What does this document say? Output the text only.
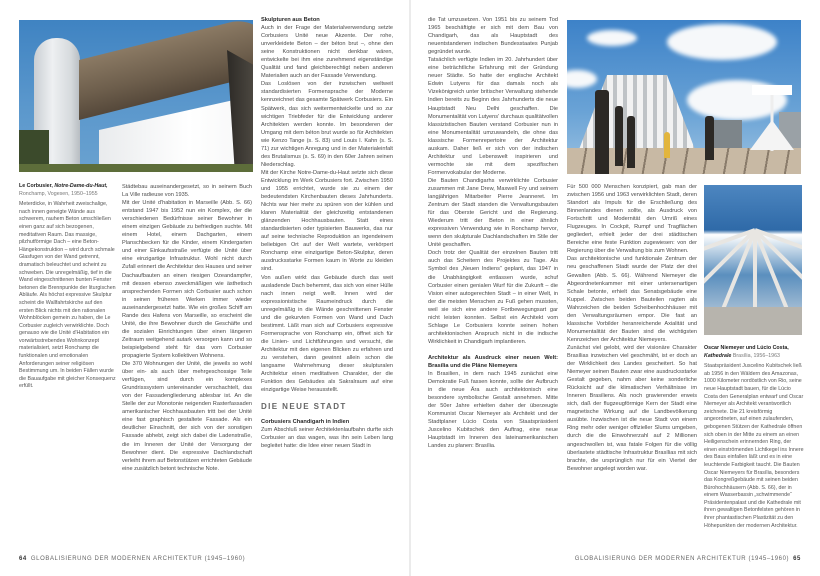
Le Corbusier, Notre-Dame-du-Haut,
Ronchamp, Vogesen, 1950–1955
Meterdicke, in Wahrheit zweischalige, nach innen geneigte Wände aus schwerem, rauhem Beton umschließen einen ganz auf sich bezogenen, meditativen Raum. Das massige, pilzhutförmige Dach – eine Beton-Hängekonstruktion – wird durch schmale Glasfugen von der Wand getrennt, dramatisch beleuchtet und scheint zu schweben. Die unregelmäßig, tief in die Wand eingeschnittenen bunten Fenster betonen die Brennpunkte der liturgischen Abläufe. Als höchst expressive Skulptur scheint die Wallfahrtskirche auf den ersten Blick nichts mit den rationalen Wohnblöcken gemein zu haben, die Le Corbusier zugleich verwirklichte. Doch genauso wie die Unité d'Habitation ein vorwärtsstrebendes Wohnkonzept materialisiert, setzt Ronchamp die funktionalen und emotionalen Anforderungen seiner religiösen Bestimmung um. In beiden Fällen wurde die Bauaufgabe mit gleicher Konsequenz erfüllt.

Städtebau auseinandergesetzt, so in seinem Buch La Ville radieuse von 1935.

Mit der Unité d'habitation in Marseille (Abb. S. 66) entstand 1947 bis 1952 nun ein Komplex, der die verschiedenen Bedürfnisse seiner Bewohner in einem einzigen Gebäude zu befriedigen suchte. Mit einem Hotel, einem Dachgarten, einem Planschbecken für die Kinder, einem Kindergarten und einer Einkaufsstraße verfügte die Unité über eine einzigartige Infrastruktur. Wohl nicht durch Zufall erinnert die Architektur des Hauses und seiner Dachaufbauten an einen riesigen Ozeandampfer, mit dessen ebenso zweckmäßigen wie ästhetisch ansprechenden Formen sich Corbusier auch schon in seinen früheren Werken immer wieder auseinandergesetzt hatte. Wie ein großes Schiff am Rande des Hafens von Marseille, so erscheint die Unité, die ihre Bewohner durch die Geschäfte und die sozialen Einrichtungen über einen längeren Zeitraum weitgehend autark versorgen kann und so beispielgebend steht für das vom Corbusier propagierte System kollektiven Wohnens.

Die 370 Wohnungen der Unité, die jeweils so wohl über ein- als auch über mehrgeschossige Teile verfügen, sind durch ein komplexes Grundrisssystem untereinander verschachtelt, das von der Fassadengliederung ablesbar ist. An die Stelle der zur Monotonie neigenden Rasterfassaden amerikanischer Hochhausbauten tritt bei der Unité eine fast graphisch gestaltete Fassade. Als ein deutlicher Einschnitt, der sich von der sonstigen Fassade abhebt, zeigt sich dabei die Ladenstraße, die im Inneren der Unité der Versorgung der Bewohner dient. Die expressive Dachlandschaft verleiht ihrem auf Betonstützen errichteten Gebäude eine zusätzlich betont technische Note.

Skulpturen aus Beton

Auch in der Frage der Materialverwendung setzte Corbusiers Unité neue Akzente. Der rohe, unverkleidete Beton – der béton brut –, ohne den seine Konstruktionen nicht denkbar wären, entwickelte bei ihm eine zunehmend eigenständige Qualität und fand gleichberechtigt neben anderen Materialien auch an der Fassade Verwendung.

Das Loslösen von der inzwischen weltweit standardisierten Formensprache der Moderne kennzeichnet das gesamte Spätwerk Corbusiers. Ein Spätwerk, das sich weitermentwickelte und so zur wichtigen Triebfeder für die Entwicklung anderer Architekten werden konnte. Im besonderen der Umgang mit dem béton brut wurde so für Architekten wie Kenzo Tange (s. S. 83) und Louis I. Kahn (s. S. 71) zur wichtigen Anregung und in der Materialeinfalt des Brutalismus (s. S. 69) in den 60er Jahren seinen Niederschlag.

Mit der Kirche Notre-Dame-du-Haut setzte sich diese Entwicklung im Werk Corbusiers fort. Zwischen 1950 und 1955 errichtet, wurde sie zu einem der bedeutendsten Kirchenbauten dieses Jahrhunderts. Nichts war hier mehr zu spüren von der kühlen und klaren Materialität der gleichzeitig entstandenen glänzenden Hochhausbauten. Statt eines standardisierten oder typisierten Bauwerks, das nur auf seine technische Reproduktion an irgendeinem beliebigen Ort auf der Welt wartete, verkörpert Ronchamp eine einzigartige Beton-Skulptur, deren ausdrucksstarke Formen kaum in Worte zu kleiden sind.

Von außen wirkt das Gebäude durch das weit ausladende Dach behemmt, das sich von einer Hülle nach innen neigt wellt. Innen wird der expressionistische Raumeindruck durch die unregelmäßig in die Wände geschnittenen Fenster und die gekurvten Formen von Wand und Dach bestimmt. Läßt man sich auf Corbusiers expressive Formensprache von Ronchamp ein, öffnet sich für die Linien- und Lichtführungen und versucht, die Architektur mit den eigenen Blicken zu erfahren und zu verstehen, dann gewinnt allein schon die langsame Wahrnehmung dieser skulpturalen Architektur einen meditativen Charakter, der die Funktion des Gebäudes als Sakralraum auf eine einzigartige Weise herausstellt.

DIE NEUE STADT
Corbusiers Chandigarh in Indien

Zum Abschluß seiner Architektenlaufbahn durfte sich Corbusier an das wagen, was ihn sein Leben lang begleitet hatte: die Idee einer neuen Stadt in

64 GLOBALISIERUNG DER MODERNEN ARCHITEKTUR (1945–1960)

die Tat umzusetzen. Von 1951 bis zu seinem Tod 1965 beschäftigte er sich mit dem Bau von Chandigarh, das als Hauptstadt des neuentstandenen indischen Bundesstaates Punjab gegründet wurde.

Tatsächlich verfügte Indien im 20. Jahrhundert über eine beträchtliche Erfahrung mit der Gründung neuer Städte. So hatte der englische Architekt Edwin Lutyens für das damals noch als Vizekönigreich unter britischer Verwaltung stehende Indien bereits zu Beginn des Jahrhunderts die neue Hauptstadt Neu Delhi geschaffen. Die Monumentalität von Lutyens' durchaus qualitätvollen klassizistischen Bauten verstand Corbusier nun in eine Monumentalität umzuwandeln, die ohne das klassische Formenrepertoire der Architektur auskam. Daher ließ er sich von der indischen Architektur und Lebenswelt inspirieren und vermochte sie mit dem spezifischen Formenvokabular der Moderne.

Die Bauten Chandigarhs verwirklichte Corbusier zusammen mit Jane Drew, Maxwell Fry und seinem langjährigen Mitarbeiter Pierre Jeanneret. Im Zentrum der Stadt standen die Verwaltungsbauten für das Oberste Gericht und die Regierung. Wiederum tritt der Beton in einer ähnlich expressiven Verwendung wie in Ronchamp hervor, wenn den skulpturale Dachlandschaften im Stile der Unité geschaffen.

Doch trotz der Qualität der einzelnen Bauten tritt auch das Scheitern des Projektes zu Tage. Als Symbol des „Neuen Indiens“ geplant, das 1947 in die Unabhängigkeit entlassen wurde, schuf Corbusier einen genialen Wurf für die Zukunft – die Vision einer autogerechten Stadt – in einer Welt, in der die meisten Menschen zu Fuß gehen mussten, weil sie sich eine andere Fortbewegungsart gar nicht leisten konnten. Selbst ein Architekt vom Schlage Le Corbusiers konnte seinen hohen architektonischen Anspruch nicht in die indische Wirklichkeit in Chandigarh implantieren.

Architektur als Ausdruck einer neuen Welt: Brasília und die Pläne Niemeyers

In Brasilien, in dem nach 1945 zunächst eine Demokratie Fuß fassen konnte, sollte der Aufbruch in die neue Ära auch architektonisch eine besondere symbolische Gestalt annehmen. Mitte der 50er Jahre erhielten daher der überzeugte Kommunist Oscar Niemeyer als Architekt und der Stadtplaner Lúcio Costa von Staatspräsident Juscelino Kubitschek den Auftrag, eine neue Hauptstadt im Inneren des lateinamerikanischen Landes zu planen: Brasília.

Für 500 000 Menschen konzipiert, gab man der zwischen 1956 und 1963 verwirklichten Stadt, deren Standort als Impuls für die Erschließung des Binnenlandes dienen sollte, als Ausdruck von Fortschritt und Modernität den Umriß eines Flugzeuges. In Cockpit, Rumpf und Tragflächen gegliedert, erhielt jeder der drei städtischen Bereiche eine feste Funktion zugewiesen: von der Regierung über die Verwaltung bis zum Wohnen.

Das architektonische und funktionale Zentrum der neu geschaffenen Stadt wurde der Platz der drei Gewalten (Abb. S. 66). Während Niemeyer die Abgeordnetenkammer mit einer untersenartigen Schale betonte, erhielt das Senatsgebäude eine Kuppel. Zwischen beiden Bauteilen ragten als Wahrzeichen die beiden Scheibenhochhäuser mit den Verwaltungsräumen empor. Die fast an klassische Vorbilder heranreichende Axialität und Monumentalität der Bauten sind die wichtigsten Kennzeichen der Architektur Niemeyers.

Zunächst viel gelobt, wird der visionäre Charakter Brasílias inzwischen viel geschmäht, ist er doch an der Wirklichkeit des Landes gescheitert. So hat Niemeyer seinen Bauten zwar eine ausdrucksstarke Gestalt gegeben, nahm aber keine sonderliche Rücksicht auf die klimatischen Verhältnisse im Inneren Brasiliens. Als noch gravierender erweis sich, daß der flugzeugförmige Kern der Stadt eine magnetische Wirkung auf die Landbevölkerung ausübte. Inzwischen ist die neue Stadt von einem Ring mehr oder weniger offizieller Slums umgeben, durch die die Einwohnerzahl auf 2 Millionen angeschwollen ist, was fatale Folgen für die völlig überlastete städtische Infrastruktur Brasílias mit sich brachte, die ursprünglich nur für ein Viertel der Bewohner angelegt worden war.

Oscar Niemeyer und Lúcio Costa,
Kathedrale Brasília, 1956–1963
Staatspräsident Juscelino Kubitschek ließ ab 1956 in den Wäldern des Amazonas, 1000 Kilometer nordöstlich von Rio, seine neue Hauptstadt bauen, für die Lúcio Costa den Generalplan entwarf und Oscar Niemeyer als Architekt verantwortlich zeichnete. Die 21 kreisförmig angeordneten, auf einen zulaufenden, gebogenen Stützen der Kathedrale öffnen sich oben in der Mitte zu einem an einen Heiligenschein erinnernden Ring, der einen einströmenden Lichtkegel ins Innere des Baus einfallen läßt und es in eine leuchtende Farbigkeit taucht. Die Bauten Oscar Niemeyers für Brasília, besonders das Kongreßgebäude mit seinen beiden Bürohochhäusern (Abb. S. 66), der in einem Wasserbassin „schwimmende“ Präsidentenpalast und die Kathedrale mit ihren gewaltigen Betonfelsten gehören in ihrer phantastischen Plastizität zu den Höhepunkten der modernen Architektur.
GLOBALISIERUNG DER MODERNEN ARCHITEKTUR (1945–1960) 65
